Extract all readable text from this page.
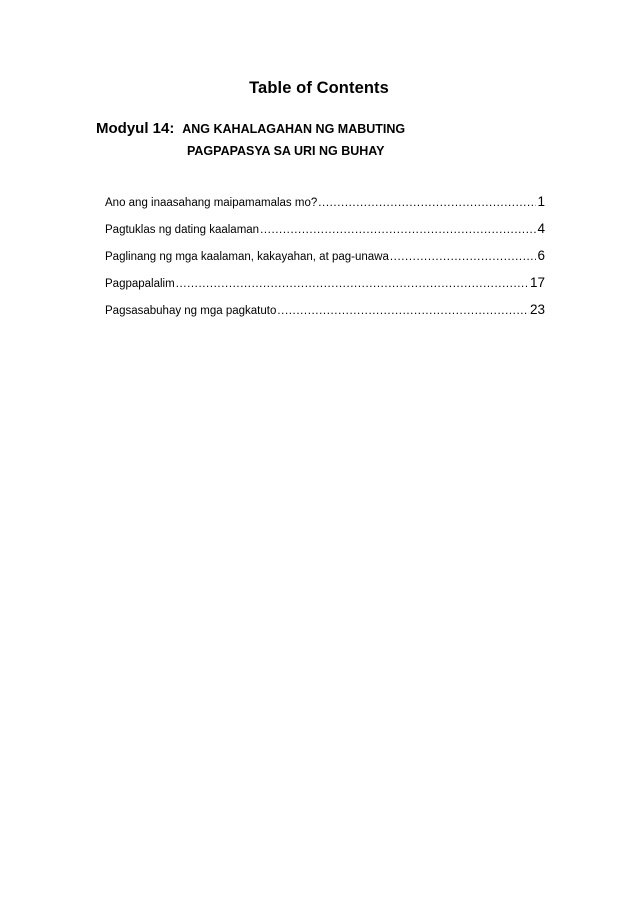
Table of Contents
Modyul 14: ANG KAHALAGAHAN NG MABUTING
PAGPAPASYA SA URI NG BUHAY
Ano ang inaasahang maipamamalas mo? .....	1
Pagtuklas ng dating kaalaman .....	4
Paglinang ng mga kaalaman, kakayahan, at pag-unawa .....	6
Pagpapalalim .....	17
Pagsasabuhay ng mga pagkatuto .....	23
